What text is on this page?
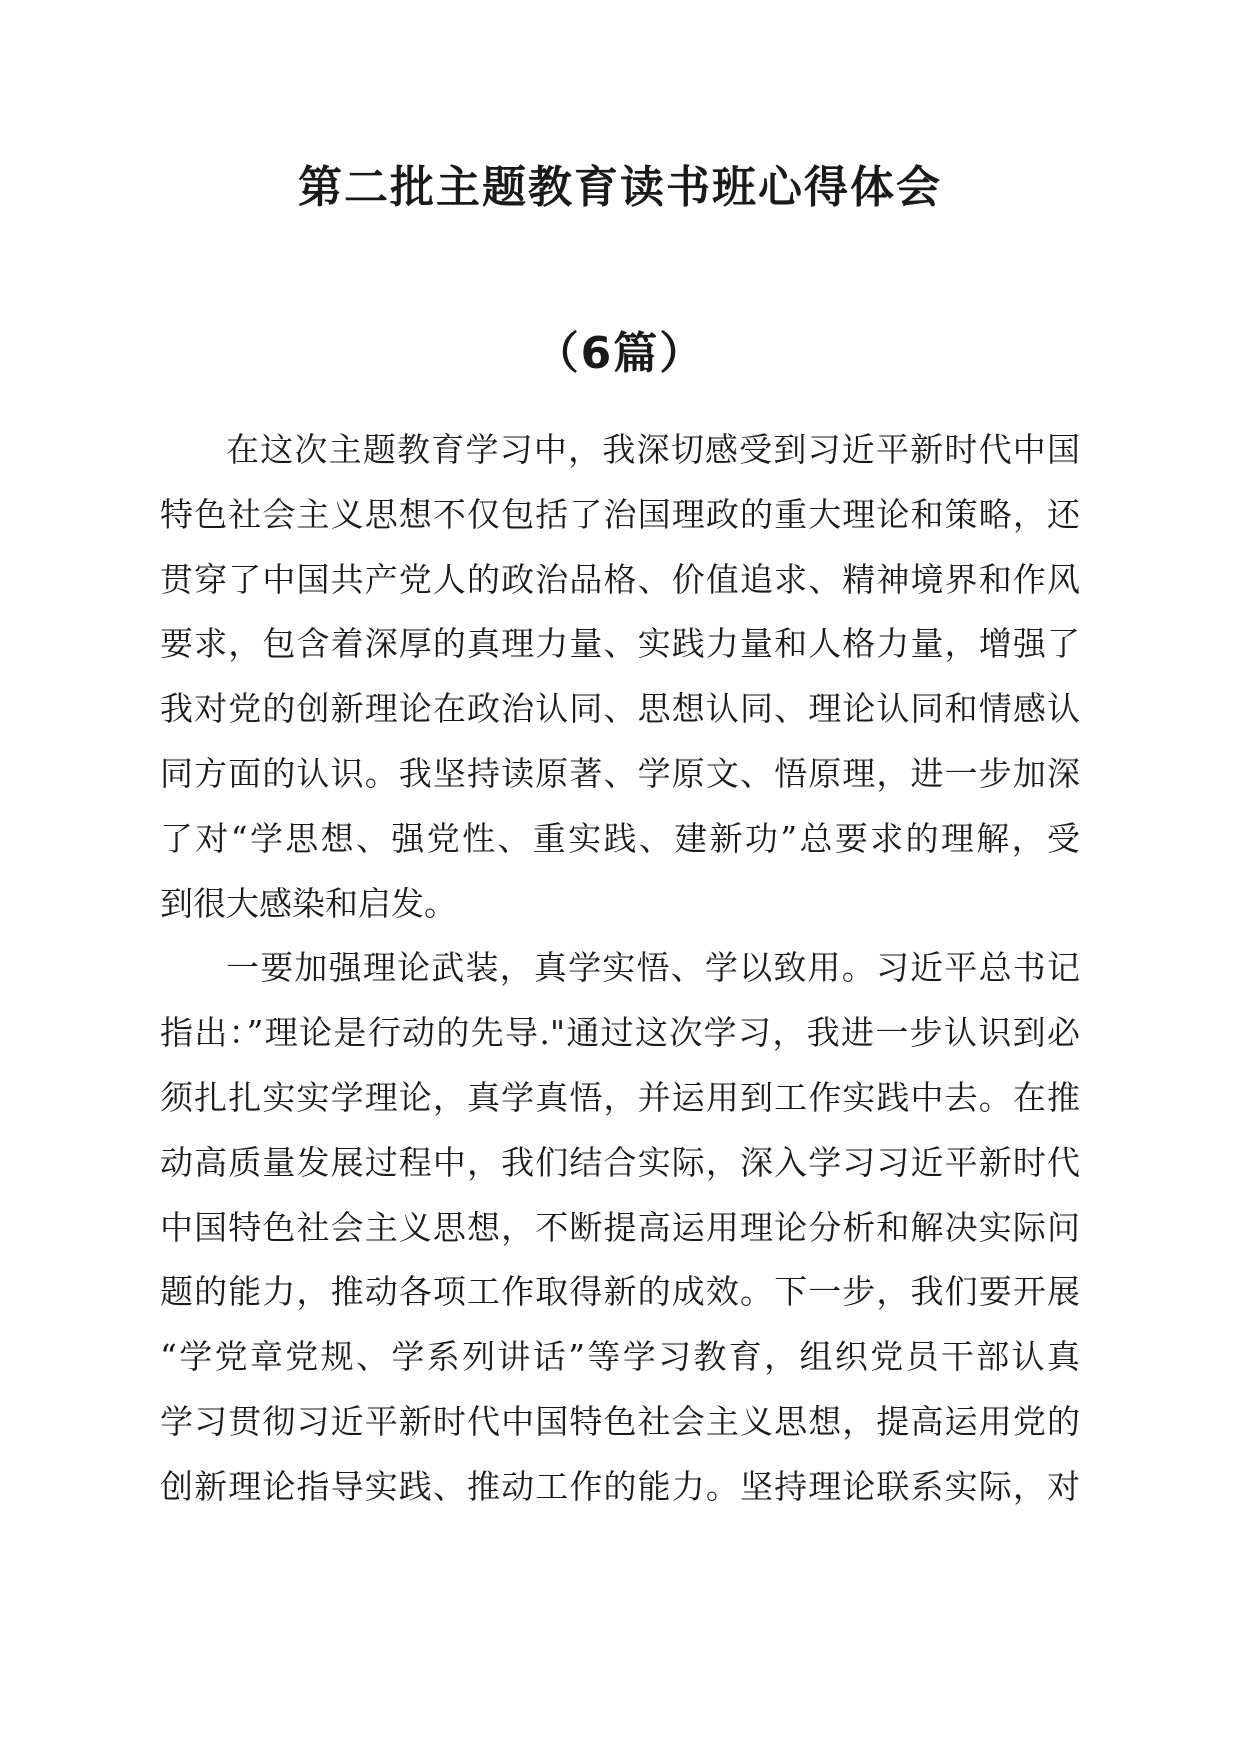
第二批主题教育读书班心得体会
（6篇）

在这次主题教育学习中，我深切感受到习近平新时代中国
特色社会主义思想不仅包括了治国理政的重大理论和策略，还
贯穿了中国共产党人的政治品格、价值追求、精神境界和作风
要求，包含着深厚的真理力量、实践力量和人格力量，增强了
我对党的创新理论在政治认同、思想认同、理论认同和情感认
同方面的认识。我坚持读原著、学原文、悟原理，进一步加深
了对“学思想、强党性、重实践、建新功”总要求的理解，受
到很大感染和启发。

一要加强理论武装，真学实悟、学以致用。习近平总书记
指出：”理论是行动的先导."通过这次学习，我进一步认识到必
须扎扎实实学理论，真学真悟，并运用到工作实践中去。在推
动高质量发展过程中，我们结合实际，深入学习习近平新时代
中国特色社会主义思想，不断提高运用理论分析和解决实际问
题的能力，推动各项工作取得新的成效。下一步，我们要开展
“学党章党规、学系列讲话”等学习教育，组织党员干部认真
学习贯彻习近平新时代中国特色社会主义思想，提高运用党的
创新理论指导实践、推动工作的能力。坚持理论联系实际，对
